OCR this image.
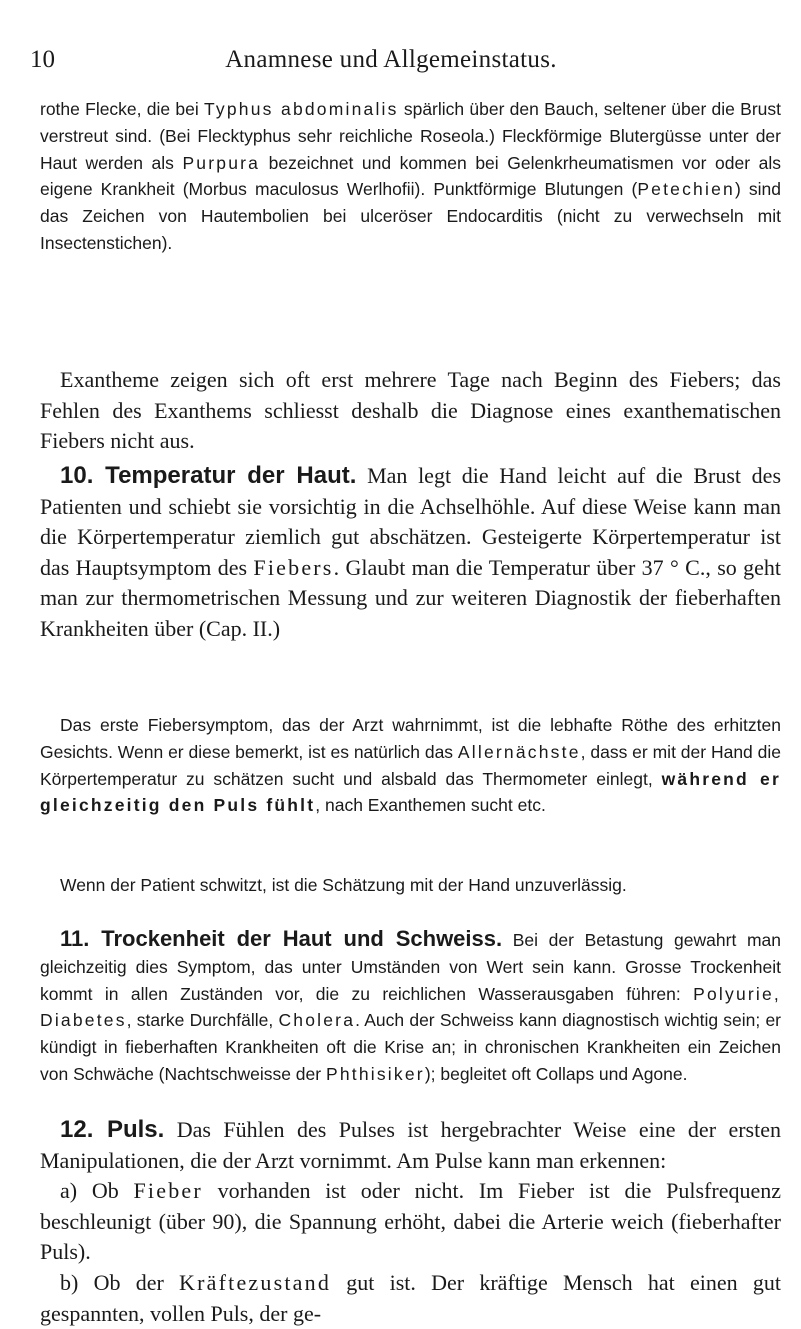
10	Anamnese und Allgemeinstatus.

rothe Flecke, die bei Typhus abdominalis spärlich über den Bauch, seltener über die Brust verstreut sind. (Bei Flecktyphus sehr reichliche Roseola.) Fleckförmige Blutergüsse unter der Haut werden als Purpura bezeichnet und kommen bei Gelenkrheumatismen vor oder als eigene Krankheit (Morbus maculosus Werlhofii). Punktförmige Blutungen (Petechien) sind das Zeichen von Hautembolien bei ulceröser Endocarditis (nicht zu verwechseln mit Insectenstichen).

Exantheme zeigen sich oft erst mehrere Tage nach Beginn des Fiebers; das Fehlen des Exanthems schliesst deshalb die Diagnose eines exanthematischen Fiebers nicht aus.

10. Temperatur der Haut. Man legt die Hand leicht auf die Brust des Patienten und schiebt sie vorsichtig in die Achselhöhle. Auf diese Weise kann man die Körpertemperatur ziemlich gut abschätzen. Gesteigerte Körpertemperatur ist das Hauptsymptom des Fiebers. Glaubt man die Temperatur über 37 ° C., so geht man zur thermometrischen Messung und zur weiteren Diagnostik der fieberhaften Krankheiten über (Cap. II.)

Das erste Fiebersymptom, das der Arzt wahrnimmt, ist die lebhafte Röthe des erhitzten Gesichts. Wenn er diese bemerkt, ist es natürlich das Allernächste, dass er mit der Hand die Körpertemperatur zu schätzen sucht und alsbald das Thermometer einlegt, während er gleichzeitig den Puls fühlt, nach Exanthemen sucht etc.

Wenn der Patient schwitzt, ist die Schätzung mit der Hand unzuverlässig.

11. Trockenheit der Haut und Schweiss. Bei der Betastung gewahrt man gleichzeitig dies Symptom, das unter Umständen von Wert sein kann. Grosse Trockenheit kommt in allen Zuständen vor, die zu reichlichen Wasserausgaben führen: Polyurie, Diabetes, starke Durchfälle, Cholera. Auch der Schweiss kann diagnostisch wichtig sein; er kündigt in fieberhaften Krankheiten oft die Krise an; in chronischen Krankheiten ein Zeichen von Schwäche (Nachtschweisse der Phthisiker); begleitet oft Collaps und Agone.

12. Puls. Das Fühlen des Pulses ist hergebrachter Weise eine der ersten Manipulationen, die der Arzt vornimmt. Am Pulse kann man erkennen:

a) Ob Fieber vorhanden ist oder nicht. Im Fieber ist die Pulsfrequenz beschleunigt (über 90), die Spannung erhöht, dabei die Arterie weich (fieberhafter Puls).

b) Ob der Kräftezustand gut ist. Der kräftige Mensch hat einen gut gespannten, vollen Puls, der ge-
